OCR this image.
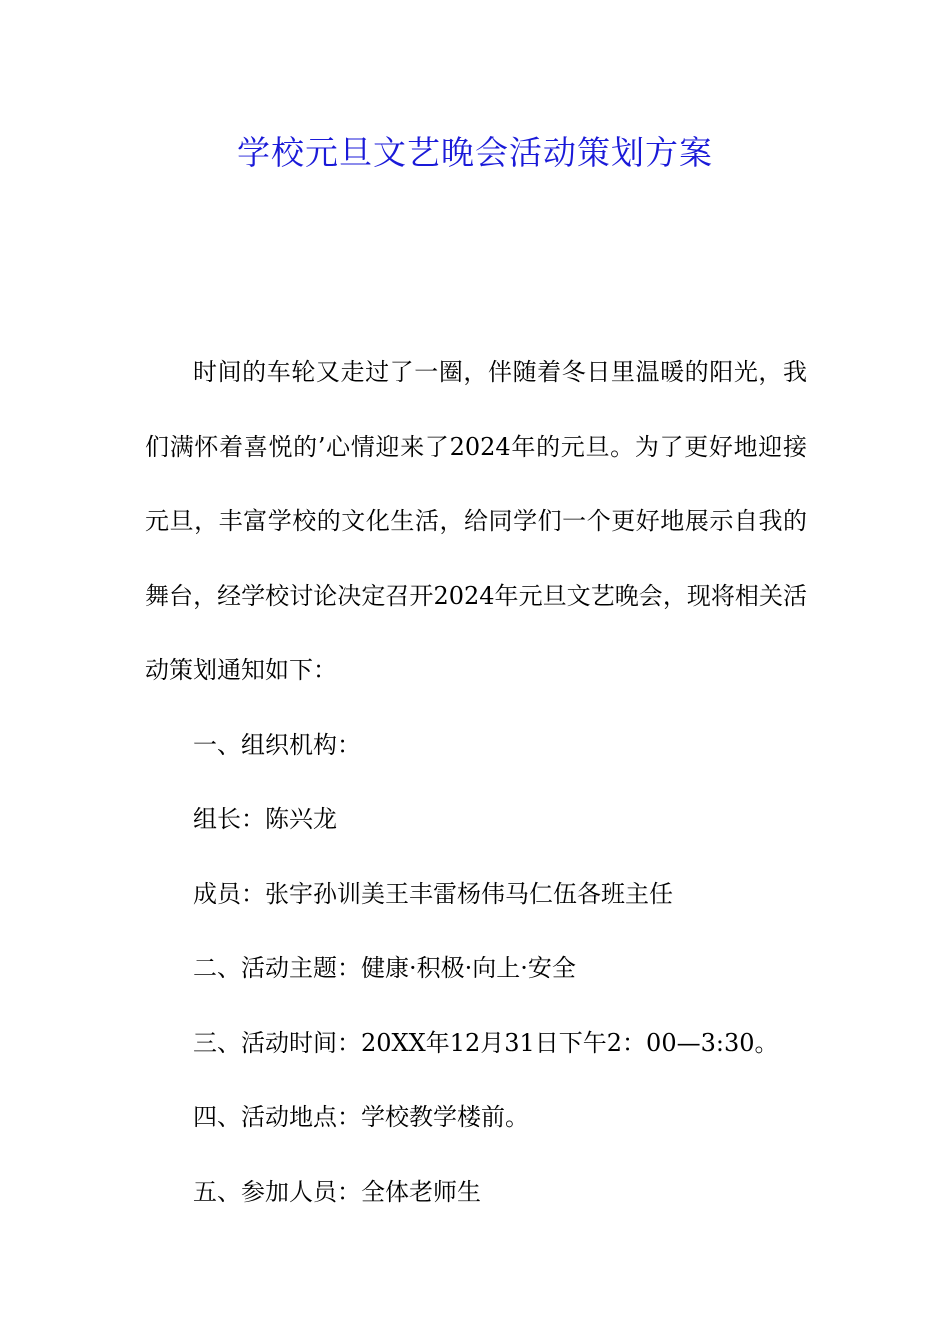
学校元旦文艺晚会活动策划方案

时间的车轮又走过了一圈，伴随着冬日里温暖的阳光，我们满怀着喜悦的’心情迎来了2024年的元旦。为了更好地迎接元旦，丰富学校的文化生活，给同学们一个更好地展示自我的舞台，经学校讨论决定召开2024年元旦文艺晚会，现将相关活动策划通知如下：

一、组织机构：

组长：陈兴龙

成员：张宇孙训美王丰雷杨伟马仁伍各班主任

二、活动主题：健康·积极·向上·安全

三、活动时间：20XX年12月31日下午2：00—3:30。

四、活动地点：学校教学楼前。

五、参加人员：全体老师生
